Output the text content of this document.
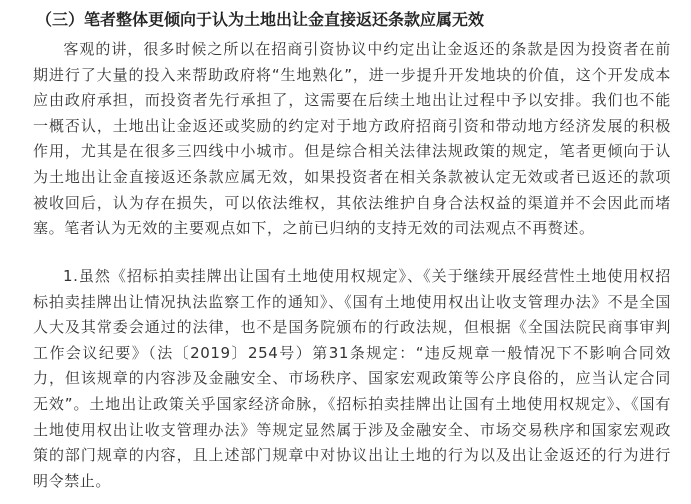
（三）笔者整体更倾向于认为土地出让金直接返还条款应属无效

客观的讲，很多时候之所以在招商引资协议中约定出让金返还的条款是因为投资者在前期进行了大量的投入来帮助政府将“生地熟化”，进一步提升开发地块的价值，这个开发成本应由政府承担，而投资者先行承担了，这需要在后续土地出让过程中予以安排。我们也不能一概否认，土地出让金返还或奖励的约定对于地方政府招商引资和带动地方经济发展的积极作用，尤其是在很多三四线中小城市。但是综合相关法律法规政策的规定，笔者更倾向于认为土地出让金直接返还条款应属无效，如果投资者在相关条款被认定无效或者已返还的款项被收回后，认为存在损失，可以依法维权，其依法维护自身合法权益的渠道并不会因此而堵塞。笔者认为无效的主要观点如下，之前已归纳的支持无效的司法观点不再赘述。

1.虽然《招标拍卖挂牌出让国有土地使用权规定》、《关于继续开展经营性土地使用权招标拍卖挂牌出让情况执法监察工作的通知》、《国有土地使用权出让收支管理办法》不是全国人大及其常委会通过的法律，也不是国务院颁布的行政法规，但根据《全国法院民商事审判工作会议纪要》（法〔2019〕254号）第31条规定：“违反规章一般情况下不影响合同效力，但该规章的内容涉及金融安全、市场秩序、国家宏观政策等公序良俗的，应当认定合同无效”。土地出让政策关乎国家经济命脉，《招标拍卖挂牌出让国有土地使用权规定》、《国有土地使用权出让收支管理办法》等规定显然属于涉及金融安全、市场交易秩序和国家宏观政策的部门规章的内容，且上述部门规章中对协议出让土地的行为以及出让金返还的行为进行明令禁止。
